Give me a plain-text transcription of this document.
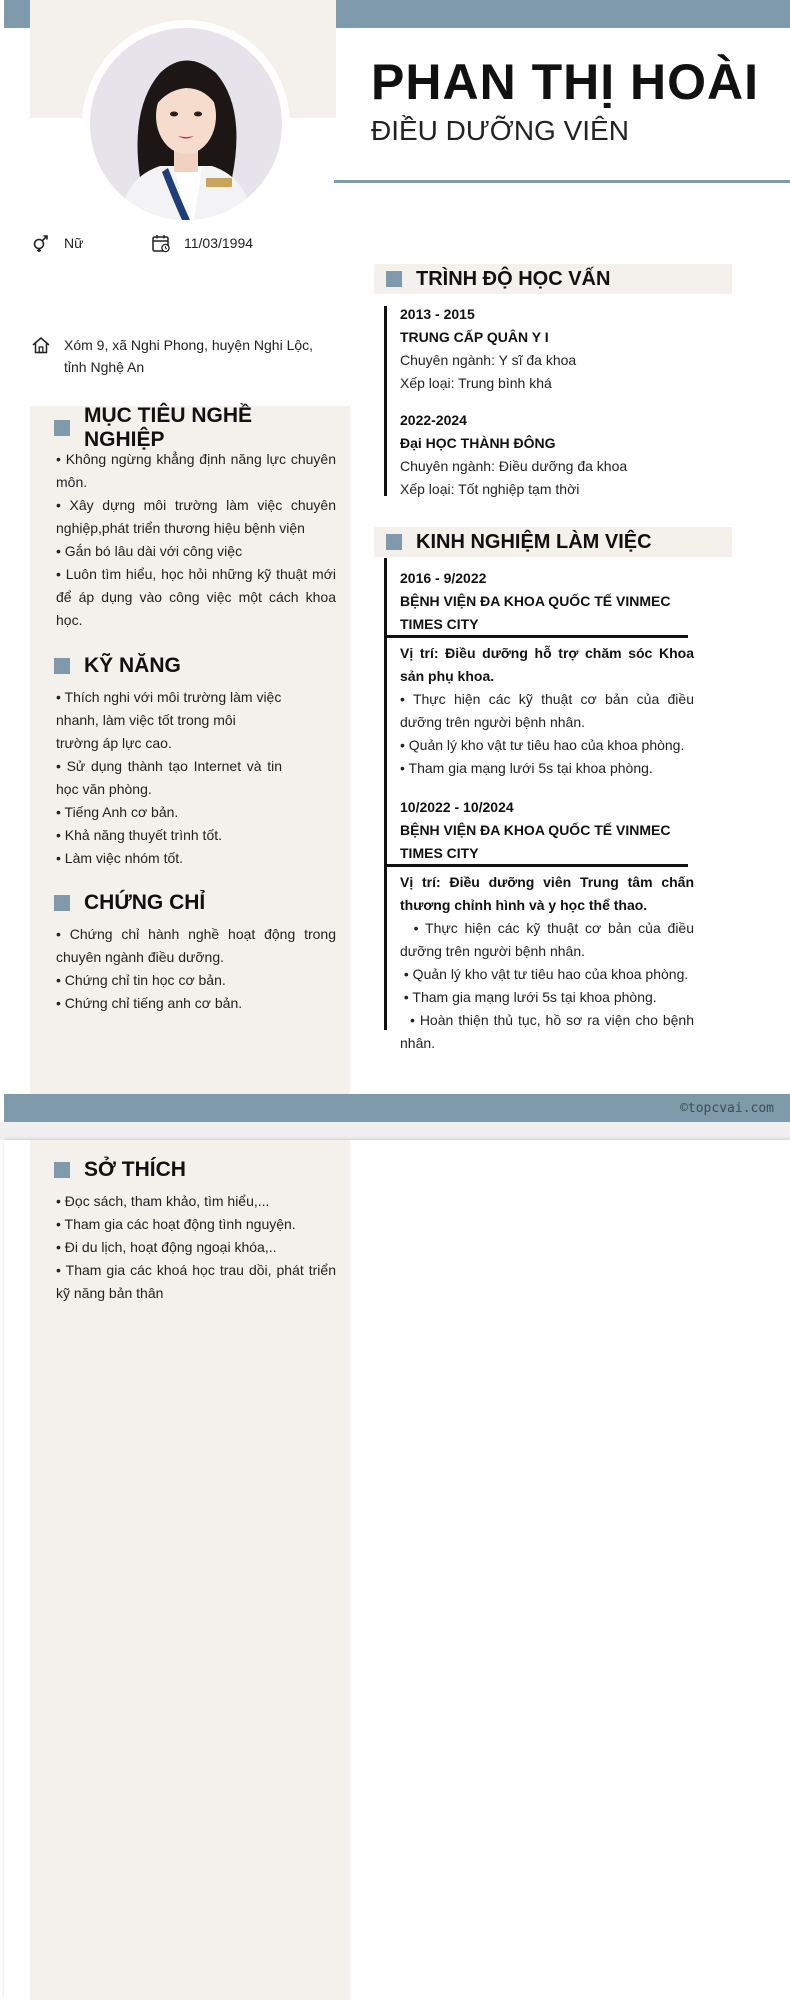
PHAN THỊ HOÀI
ĐIỀU DƯỠNG VIÊN
Nữ	11/03/1994
Xóm 9, xã Nghi Phong, huyện Nghi Lộc,
tỉnh Nghệ An
MỤC TIÊU NGHỀ NGHIỆP
• Không ngừng khẳng định năng lực chuyên môn.
• Xây dựng môi trường làm việc chuyên nghiệp,phát triển thương hiệu bệnh viện
• Gắn bó lâu dài với công việc
• Luôn tìm hiểu, học hỏi những kỹ thuật mới để áp dụng vào công việc một cách khoa học.
KỸ NĂNG
• Thích nghi với môi trường làm việc nhanh, làm việc tốt trong môi trường áp lực cao.
• Sử dụng thành tạo Internet và tin học văn phòng.
• Tiếng Anh cơ bản.
• Khả năng thuyết trình tốt.
• Làm việc nhóm tốt.
CHỨNG CHỈ
• Chứng chỉ hành nghề hoạt động trong chuyên ngành điều dưỡng.
• Chứng chỉ tin học cơ bản.
• Chứng chỉ tiếng anh cơ bản.
TRÌNH ĐỘ HỌC VẤN
2013 - 2015
TRUNG CẤP QUÂN Y I
Chuyên ngành: Y sĩ đa khoa
Xếp loại: Trung bình khá
2022-2024
Đại HỌC THÀNH ĐÔNG
Chuyên ngành: Điều dưỡng đa khoa
Xếp loại: Tốt nghiệp tạm thời
KINH NGHIỆM LÀM VIỆC
2016 - 9/2022
BỆNH VIỆN ĐA KHOA QUỐC TẾ VINMEC TIMES CITY
Vị trí: Điều dưỡng hỗ trợ chăm sóc Khoa sản phụ khoa.
• Thực hiện các kỹ thuật cơ bản của điều dưỡng trên người bệnh nhân.
• Quản lý kho vật tư tiêu hao của khoa phòng.
• Tham gia mạng lưới 5s tại khoa phòng.
10/2022 - 10/2024
BỆNH VIỆN ĐA KHOA QUỐC TẾ VINMEC TIMES CITY
Vị trí: Điều dưỡng viên Trung tâm chấn thương chỉnh hình và y học thể thao.
• Thực hiện các kỹ thuật cơ bản của điều dưỡng trên người bệnh nhân.
• Quản lý kho vật tư tiêu hao của khoa phòng.
• Tham gia mạng lưới 5s tại khoa phòng.
• Hoàn thiện thủ tục, hồ sơ ra viện cho bệnh nhân.
©topcvai.com
SỞ THÍCH
• Đọc sách, tham khảo, tìm hiểu,...
• Tham gia các hoạt động tình nguyện.
• Đi du lịch, hoạt động ngoại khóa,..
• Tham gia các khoá học trau dồi, phát triển kỹ năng bản thân
